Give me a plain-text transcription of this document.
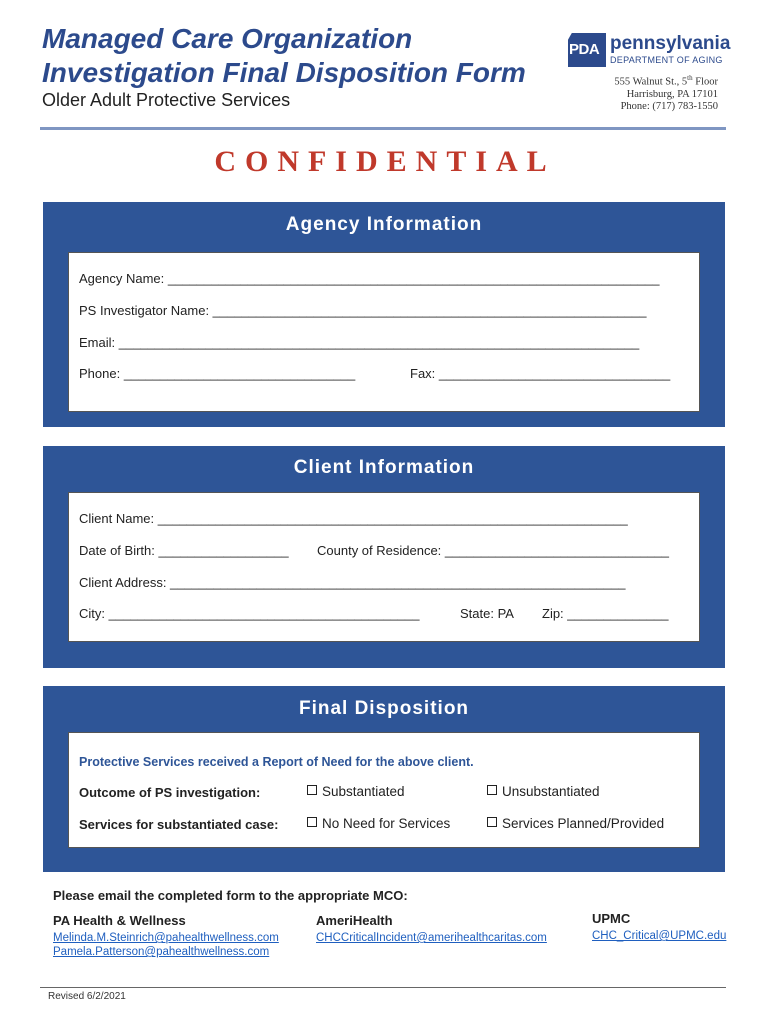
Managed Care Organization
Investigation Final Disposition Form
Older Adult Protective Services
PDA pennsylvania
DEPARTMENT OF AGING
555 Walnut St., 5th Floor
Harrisburg, PA 17101
Phone: (717) 783-1550
CONFIDENTIAL
Agency Information
Agency Name: ____________________________________________________________________
PS Investigator Name: ____________________________________________________________
Email: ________________________________________________________________________
Phone: ________________________________	Fax: ________________________________
Client Information
Client Name: _________________________________________________________________
Date of Birth: __________________ County of Residence: _______________________________
Client Address: _______________________________________________________________
City: ___________________________________________	State: PA Zip: ______________
Final Disposition
Protective Services received a Report of Need for the above client.
Outcome of PS investigation:	Substantiated	Unsubstantiated
Services for substantiated case:	No Need for Services	Services Planned/Provided
Please email the completed form to the appropriate MCO:
PA Health & Wellness
Melinda.M.Steinrich@pahealthwellness.com
Pamela.Patterson@pahealthwellness.com
AmeriHealth
CHCCriticalIncident@amerihealthcaritas.com
UPMC
CHC_Critical@UPMC.edu
Revised 6/2/2021
